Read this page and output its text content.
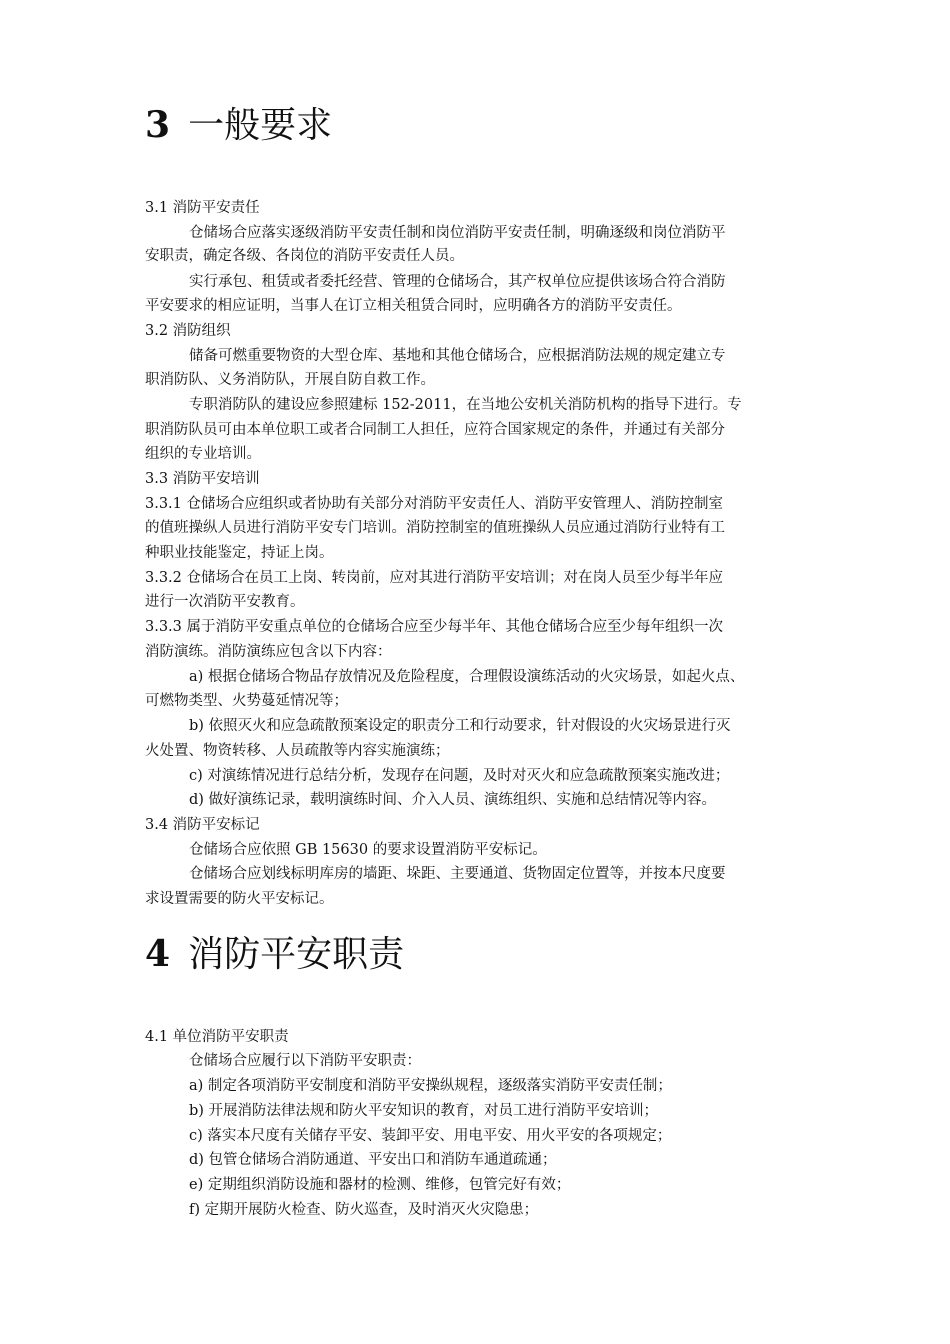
3 一般要求

3.1 消防平安责任

仓储场合应落实逐级消防平安责任制和岗位消防平安责任制，明确逐级和岗位消防平

安职责，确定各级、各岗位的消防平安责任人员。

实行承包、租赁或者委托经营、管理的仓储场合，其产权单位应提供该场合符合消防

平安要求的相应证明，当事人在订立相关租赁合同时，应明确各方的消防平安责任。

3.2 消防组织

储备可燃重要物资的大型仓库、基地和其他仓储场合，应根据消防法规的规定建立专

职消防队、义务消防队，开展自防自救工作。

专职消防队的建设应参照建标 152-2011，在当地公安机关消防机构的指导下进行。专

职消防队员可由本单位职工或者合同制工人担任，应符合国家规定的条件，并通过有关部分

组织的专业培训。

3.3 消防平安培训

3.3.1 仓储场合应组织或者协助有关部分对消防平安责任人、消防平安管理人、消防控制室

的值班操纵人员进行消防平安专门培训。消防控制室的值班操纵人员应通过消防行业特有工

种职业技能鉴定，持证上岗。

3.3.2 仓储场合在员工上岗、转岗前，应对其进行消防平安培训；对在岗人员至少每半年应

进行一次消防平安教育。

3.3.3 属于消防平安重点单位的仓储场合应至少每半年、其他仓储场合应至少每年组织一次

消防演练。消防演练应包含以下内容：

a) 根据仓储场合物品存放情况及危险程度，合理假设演练活动的火灾场景，如起火点、

可燃物类型、火势蔓延情况等；

b) 依照灭火和应急疏散预案设定的职责分工和行动要求，针对假设的火灾场景进行灭

火处置、物资转移、人员疏散等内容实施演练；

c) 对演练情况进行总结分析，发现存在问题，及时对灭火和应急疏散预案实施改进；

d) 做好演练记录，载明演练时间、介入人员、演练组织、实施和总结情况等内容。

3.4 消防平安标记

仓储场合应依照 GB 15630 的要求设置消防平安标记。

仓储场合应划线标明库房的墙距、垛距、主要通道、货物固定位置等，并按本尺度要

求设置需要的防火平安标记。

4 消防平安职责

4.1 单位消防平安职责

仓储场合应履行以下消防平安职责：

a) 制定各项消防平安制度和消防平安操纵规程，逐级落实消防平安责任制；

b) 开展消防法律法规和防火平安知识的教育，对员工进行消防平安培训；

c) 落实本尺度有关储存平安、装卸平安、用电平安、用火平安的各项规定；

d) 包管仓储场合消防通道、平安出口和消防车通道疏通；

e) 定期组织消防设施和器材的检测、维修，包管完好有效；

f) 定期开展防火检查、防火巡查，及时消灭火灾隐患；
